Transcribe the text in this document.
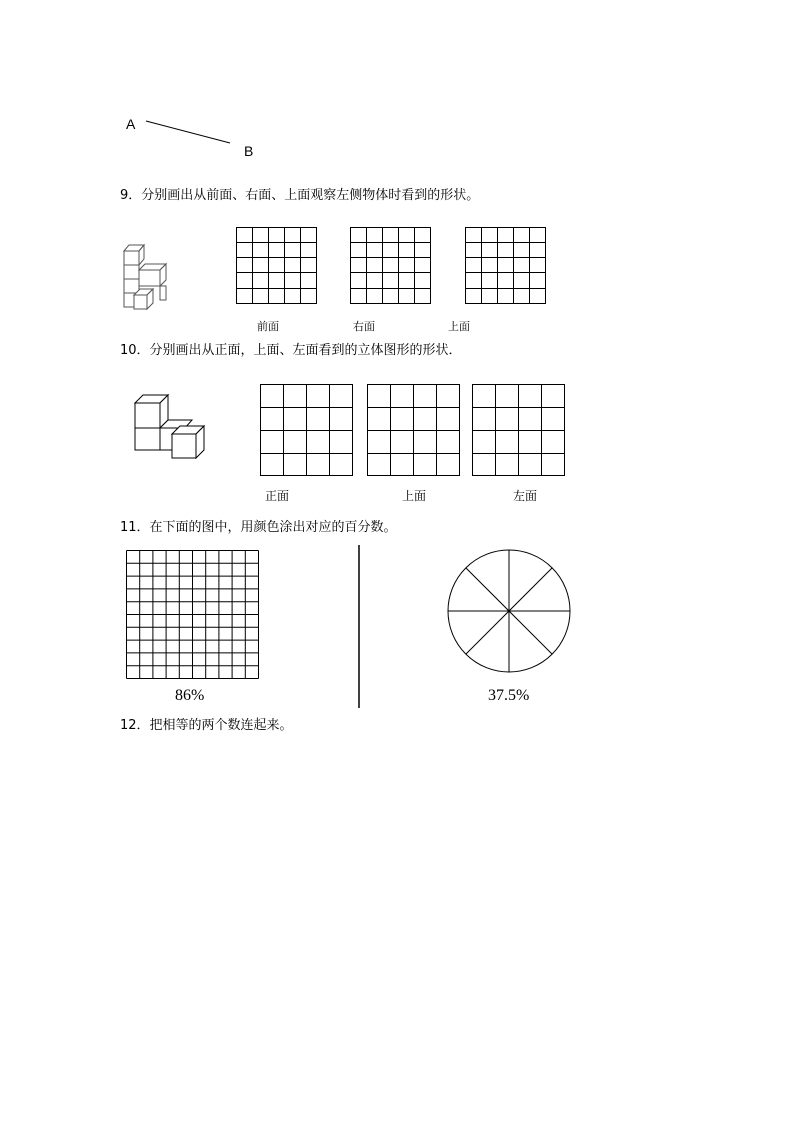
A
B
9．分别画出从前面、右面、上面观察左侧物体时看到的形状。
前面	右面	上面
10．分别画出从正面，上面、左面看到的立体图形的形状．
正面	上面	左面
11．在下面的图中，用颜色涂出对应的百分数。
86%	37.5%
12．把相等的两个数连起来。
